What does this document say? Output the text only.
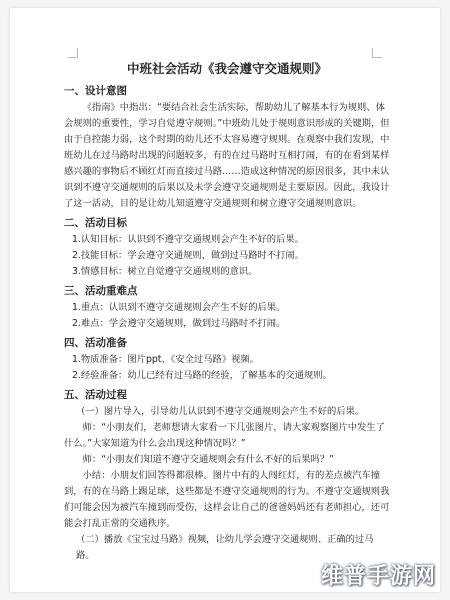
中班社会活动《我会遵守交通规则》
一、设计意图

《指南》中指出：“要结合社会生活实际，帮助幼儿了解基本行为规则、体会规则的重要性，学习自觉遵守规则。”中班幼儿处于规则意识形成的关键期，但由于自控能力弱，这个时期的幼儿还不太容易遵守规则。在观察中我们发现，中班幼儿在过马路时出现的问题较多，有的在过马路时互相打闹，有的在看到某样感兴趣的事物后不顾红灯而直接过马路……造成这种情况的原因很多，其中未认识到不遵守交通规则的后果以及未学会遵守交通规则是主要原因。因此，我设计了这一活动，目的是让幼儿知道遵守交通规则和树立遵守交通规则意识。

二、活动目标

1.认知目标：认识到不遵守交通规则会产生不好的后果。

2.技能目标：学会遵守交通规则，做到过马路时不打闹。

3.情感目标：树立自觉遵守交通规则的意识。

三、活动重难点

1.重点：认识到不遵守交通规则会产生不好的后果。

2.难点：学会遵守交通规则，做到过马路时不打闹。

四、活动准备

1.物质准备：图片ppt、《安全过马路》视频。

2.经验准备：幼儿已经有过马路的经验，了解基本的交通规则。

五、活动过程

（一）图片导入，引导幼儿认识到不遵守交通规则会产生不好的后果。

师：“小朋友们，老师想请大家看一下几张图片，请大家观察图片中发生了什么。”大家知道为什么会出现这种情况吗？”

师：“小朋友们知道不遵守交通规则会有什么不好的后果吗？”

小结：小朋友们回答得都很棒。图片中有的人闯红灯，有的差点被汽车撞到，有的在马路上踢足球，这些都是不遵守交通规则的行为。不遵守交通规则我们可能会因为被汽车撞到而受伤，这样会让自己的爸爸妈妈还有老师担心，还可能会打乱正常的交通秩序。

（二）播放《宝宝过马路》视频，让幼儿学会遵守交通规则、正确的过马路。

维普手游网
